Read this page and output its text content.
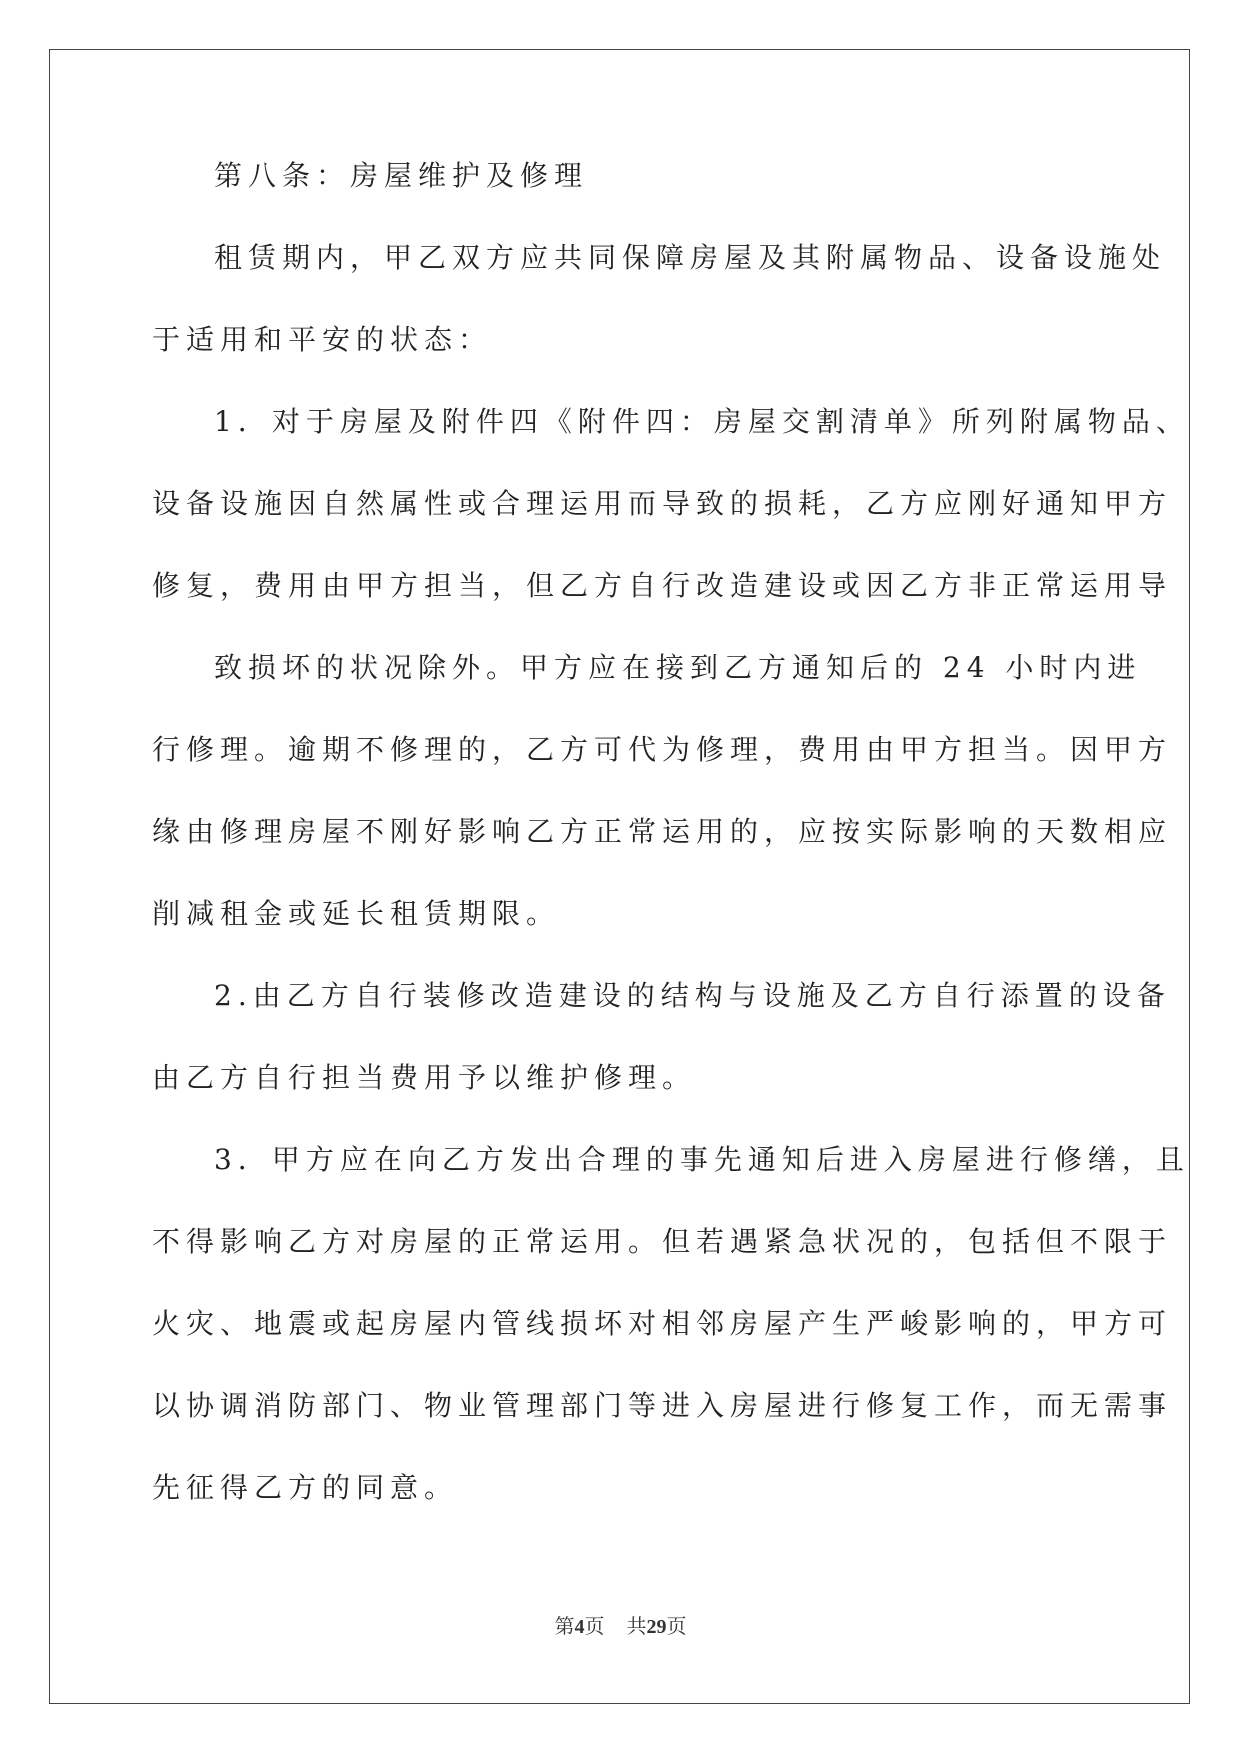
第八条：房屋维护及修理
租赁期内，甲乙双方应共同保障房屋及其附属物品、设备设施处
于适用和平安的状态：
1．对于房屋及附件四《附件四：房屋交割清单》所列附属物品、
设备设施因自然属性或合理运用而导致的损耗，乙方应刚好通知甲方
修复，费用由甲方担当，但乙方自行改造建设或因乙方非正常运用导
致损坏的状况除外。甲方应在接到乙方通知后的 24 小时内进
行修理。逾期不修理的，乙方可代为修理，费用由甲方担当。因甲方
缘由修理房屋不刚好影响乙方正常运用的，应按实际影响的天数相应
削减租金或延长租赁期限。
2.由乙方自行装修改造建设的结构与设施及乙方自行添置的设备
由乙方自行担当费用予以维护修理。
3．甲方应在向乙方发出合理的事先通知后进入房屋进行修缮，且
不得影响乙方对房屋的正常运用。但若遇紧急状况的，包括但不限于
火灾、地震或起房屋内管线损坏对相邻房屋产生严峻影响的，甲方可
以协调消防部门、物业管理部门等进入房屋进行修复工作，而无需事
先征得乙方的同意。
第4页 共29页
